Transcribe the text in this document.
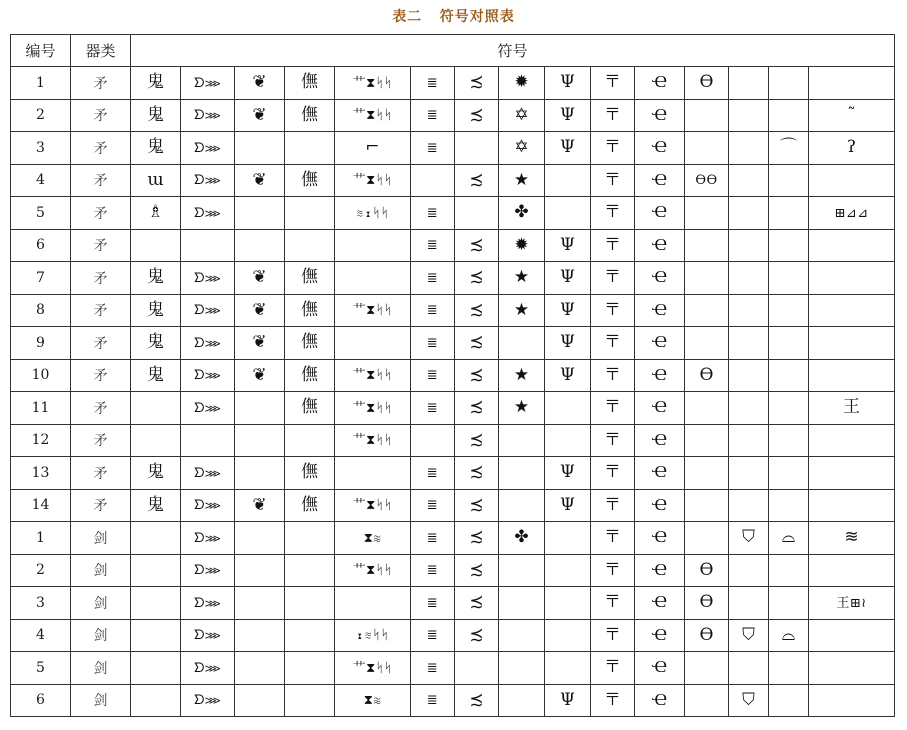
表二   符号对照表
编号	器类	符号														
1	矛	鬼	ᗤ⋙	❦	㒇	⺾⧗ᛋᛋ	≣	≾	✹	Ψ	〒	Ҽ	ϴ			
2	矛	鬼	ᗤ⋙	❦	㒇	⺾⧗ᛋᛋ	≣	≾	✡	Ψ	〒	Ҽ				˜
3	矛	鬼	ᗤ⋙			⌐	≣		✡	Ψ	〒	Ҽ			⌒	ʔ
4	矛	ɯ	ᗤ⋙	❦	㒇	⺾⧗ᛋᛋ		≾	★		〒	Ҽ	ϴϴ			
5	矛	♗	ᗤ⋙			≋⧗ᛋᛋ	≣		✤		〒	Ҽ				⊞⊿⊿
6	矛						≣	≾	✹	Ψ	〒	Ҽ				
7	矛	鬼	ᗤ⋙	❦	㒇		≣	≾	★	Ψ	〒	Ҽ				
8	矛	鬼	ᗤ⋙	❦	㒇	⺾⧗ᛋᛋ	≣	≾	★	Ψ	〒	Ҽ				
9	矛	鬼	ᗤ⋙	❦	㒇		≣	≾		Ψ	〒	Ҽ				
10	矛	鬼	ᗤ⋙	❦	㒇	⺾⧗ᛋᛋ	≣	≾	★	Ψ	〒	Ҽ	ϴ			
11	矛		ᗤ⋙		㒇	⺾⧗ᛋᛋ	≣	≾	★		〒	Ҽ				王
12	矛					⺾⧗ᛋᛋ		≾			〒	Ҽ				
13	矛	鬼	ᗤ⋙		㒇		≣	≾		Ψ	〒	Ҽ				
14	矛	鬼	ᗤ⋙	❦	㒇	⺾⧗ᛋᛋ	≣	≾		Ψ	〒	Ҽ				
1	剑		ᗤ⋙			⧗≋	≣	≾	✤		〒	Ҽ		⛉	⌓	≋
2	剑		ᗤ⋙			⺾⧗ᛋᛋ	≣	≾			〒	Ҽ	ϴ			
3	剑		ᗤ⋙				≣	≾			〒	Ҽ	ϴ			王⊞≀
4	剑		ᗤ⋙			⧗≋ᛋᛋ	≣	≾			〒	Ҽ	ϴ	⛉	⌓	
5	剑		ᗤ⋙			⺾⧗ᛋᛋ	≣				〒	Ҽ				
6	剑		ᗤ⋙			⧗≋	≣	≾		Ψ	〒	Ҽ		⛉		
